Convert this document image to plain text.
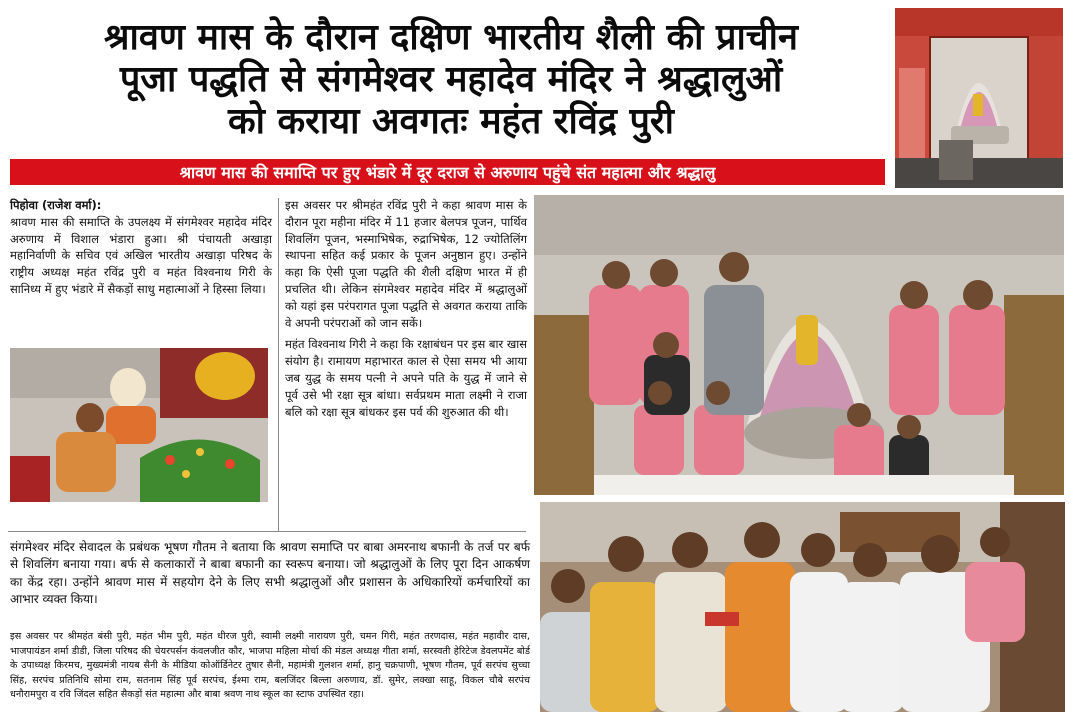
श्रावण मास के दौरान दक्षिण भारतीय शैली की प्राचीन
पूजा पद्धति से संगमेश्वर महादेव मंदिर ने श्रद्धालुओं
को कराया अवगतः महंत रविंद्र पुरी
श्रावण मास की समाप्ति पर हुए भंडारे में दूर दराज से अरुणाय पहुंचे संत महात्मा और श्रद्धालु
पिहोवा (राजेश वर्मा):

श्रावण मास की समाप्ति के उपलक्ष्य में संगमेश्वर महादेव मंदिर अरुणाय में विशाल भंडारा हुआ। श्री पंचायती अखाड़ा महानिर्वाणी के सचिव एवं अखिल भारतीय अखाड़ा परिषद के राष्ट्रीय अध्यक्ष महंत रविंद्र पुरी व महंत विश्वनाथ गिरी के सानिध्य में हुए भंडारे में सैकड़ों साधु महात्माओं ने हिस्सा लिया।

इस अवसर पर श्रीमहंत रविंद्र पुरी ने कहा श्रावण मास के दौरान पूरा महीना मंदिर में 11 हजार बेलपत्र पूजन, पार्थिव शिवलिंग पूजन, भस्माभिषेक, रुद्राभिषेक, 12 ज्योतिलिंग स्थापना सहित कई प्रकार के पूजन अनुष्ठान हुए। उन्होंने कहा कि ऐसी पूजा पद्धति की शैली दक्षिण भारत में ही प्रचलित थी। लेकिन संगमेश्वर महादेव मंदिर में श्रद्धालुओं को यहां इस परंपरागत पूजा पद्धति से अवगत कराया ताकि वे अपनी परंपराओं को जान सकें।

महंत विश्वनाथ गिरी ने कहा कि रक्षाबंधन पर इस बार खास संयोग है। रामायण महाभारत काल से ऐसा समय भी आया जब युद्ध के समय पत्नी ने अपने पति के युद्ध में जाने से पूर्व उसे भी रक्षा सूत्र बांधा। सर्वप्रथम माता लक्ष्मी ने राजा बलि को रक्षा सूत्र बांधकर इस पर्व की शुरुआत की थी।

संगमेश्वर मंदिर सेवादल के प्रबंधक भूषण गौतम ने बताया कि श्रावण समाप्ति पर बाबा अमरनाथ बफानी के तर्ज पर बर्फ से शिवलिंग बनाया गया। बर्फ से कलाकारों ने बाबा बफानी का स्वरूप बनाया। जो श्रद्धालुओं के लिए पूरा दिन आकर्षण का केंद्र रहा। उन्होंने श्रावण मास में सहयोग देने के लिए सभी श्रद्धालुओं और प्रशासन के अधिकारियों कर्मचारियों का आभार व्यक्त किया।

इस अवसर पर श्रीमहंत बंसी पुरी, महंत भीम पुरी, महंत धीरज पुरी, स्वामी लक्ष्मी नारायण पुरी, चमन गिरी, महंत तरणदास, महंत महावीर दास, भाजपायंडन शर्मा डीडी, जिला परिषद की चेयरपर्सन कंवलजीत कौर, भाजपा महिला मोर्चा की मंडल अध्यक्ष गीता शर्मा, सरस्वती हेरिटेज डेवलपमेंट बोर्ड के उपाध्यक्ष किरमच, मुख्यमंत्री नायब सैनी के मीडिया कोऑर्डिनेटर तुषार सैनी, महामंत्री गुलशन शर्मा, हानु चक्रपाणी, भूषण गौतम, पूर्व सरपंच सुच्चा सिंह, सरपंच प्रतिनिधि सोमा राम, सतनाम सिंह पूर्व सरपंच, ईश्मा राम, बलजिंदर बिल्ला अरुणाय, डॉ. सुमेर, लक्खा साहू, विकल चौबे सरपंच धनौरामपुरा व रवि जिंदल सहित सैकड़ों संत महात्मा और बाबा श्रवण नाथ स्कूल का स्टाफ उपस्थित रहा।
